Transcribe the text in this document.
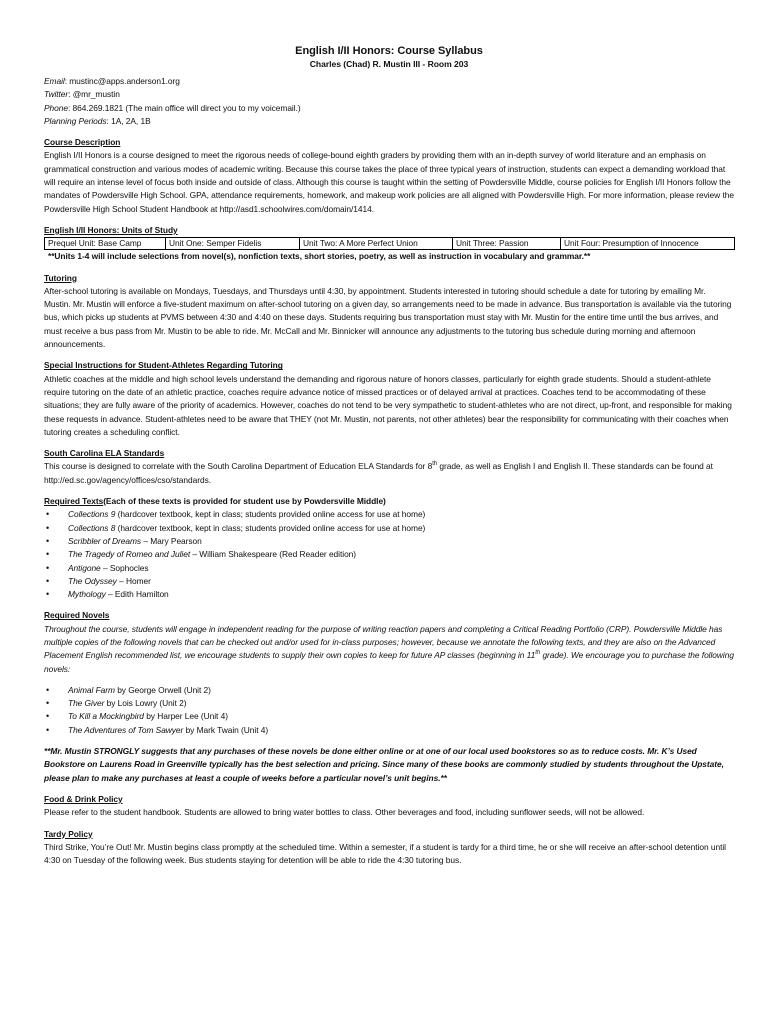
English I/II Honors: Course Syllabus
Charles (Chad) R. Mustin III - Room 203
Email: mustinc@apps.anderson1.org
Twitter: @mr_mustin
Phone: 864.269.1821 (The main office will direct you to my voicemail.)
Planning Periods: 1A, 2A, 1B
Course Description

English I/II Honors is a course designed to meet the rigorous needs of college-bound eighth graders by providing them with an in-depth survey of world literature and an emphasis on grammatical construction and various modes of academic writing. Because this course takes the place of three typical years of instruction, students can expect a demanding workload that will require an intense level of focus both inside and outside of class. Although this course is taught within the setting of Powdersville Middle, course policies for English I/II Honors follow the mandates of Powdersville High School. GPA, attendance requirements, homework, and makeup work policies are all aligned with Powdersville High. For more information, please review the Powdersville High School Student Handbook at http://asd1.schoolwires.com/domain/1414.

English I/II Honors: Units of Study
Prequel Unit: Base Camp	Unit One: Semper Fidelis	Unit Two: A More Perfect Union	Unit Three: Passion	Unit Four: Presumption of Innocence

**Units 1-4 will include selections from novel(s), nonfiction texts, short stories, poetry, as well as instruction in vocabulary and grammar.**

Tutoring

After-school tutoring is available on Mondays, Tuesdays, and Thursdays until 4:30, by appointment. Students interested in tutoring should schedule a date for tutoring by emailing Mr. Mustin. Mr. Mustin will enforce a five-student maximum on after-school tutoring on a given day, so arrangements need to be made in advance. Bus transportation is available via the tutoring bus, which picks up students at PVMS between 4:30 and 4:40 on these days. Students requiring bus transportation must stay with Mr. Mustin for the entire time until the bus arrives, and must receive a bus pass from Mr. Mustin to be able to ride. Mr. McCall and Mr. Binnicker will announce any adjustments to the tutoring bus schedule during morning and afternoon announcements.

Special Instructions for Student-Athletes Regarding Tutoring

Athletic coaches at the middle and high school levels understand the demanding and rigorous nature of honors classes, particularly for eighth grade students. Should a student-athlete require tutoring on the date of an athletic practice, coaches require advance notice of missed practices or of delayed arrival at practices. Coaches tend to be accommodating of these situations; they are fully aware of the priority of academics. However, coaches do not tend to be very sympathetic to student-athletes who are not direct, up-front, and responsible for making these requests in advance. Student-athletes need to be aware that THEY (not Mr. Mustin, not parents, not other athletes) bear the responsibility for communicating with their coaches when tutoring creates a scheduling conflict.

South Carolina ELA Standards

This course is designed to correlate with the South Carolina Department of Education ELA Standards for 8th grade, as well as English I and English II. These standards can be found at http://ed.sc.gov/agency/offices/cso/standards.

Required Texts(Each of these texts is provided for student use by Powdersville Middle)
• Collections 9 (hardcover textbook, kept in class; students provided online access for use at home)
• Collections 8 (hardcover textbook, kept in class; students provided online access for use at home)
• Scribbler of Dreams – Mary Pearson
• The Tragedy of Romeo and Juliet – William Shakespeare (Red Reader edition)
• Antigone – Sophocles
• The Odyssey – Homer
• Mythology – Edith Hamilton
Required Novels

Throughout the course, students will engage in independent reading for the purpose of writing reaction papers and completing a Critical Reading Portfolio (CRP). Powdersville Middle has multiple copies of the following novels that can be checked out and/or used for in-class purposes; however, because we annotate the following texts, and they are also on the Advanced Placement English recommended list, we encourage students to supply their own copies to keep for future AP classes (beginning in 11th grade). We encourage you to purchase the following novels:

• Animal Farm by George Orwell (Unit 2)
• The Giver by Lois Lowry (Unit 2)
• To Kill a Mockingbird by Harper Lee (Unit 4)
• The Adventures of Tom Sawyer by Mark Twain (Unit 4)

**Mr. Mustin STRONGLY suggests that any purchases of these novels be done either online or at one of our local used bookstores so as to reduce costs. Mr. K’s Used Bookstore on Laurens Road in Greenville typically has the best selection and pricing. Since many of these books are commonly studied by students throughout the Upstate, please plan to make any purchases at least a couple of weeks before a particular novel’s unit begins.**

Food & Drink Policy

Please refer to the student handbook. Students are allowed to bring water bottles to class. Other beverages and food, including sunflower seeds, will not be allowed.

Tardy Policy

Third Strike, You’re Out! Mr. Mustin begins class promptly at the scheduled time. Within a semester, if a student is tardy for a third time, he or she will receive an after-school detention until 4:30 on Tuesday of the following week. Bus students staying for detention will be able to ride the 4:30 tutoring bus.
